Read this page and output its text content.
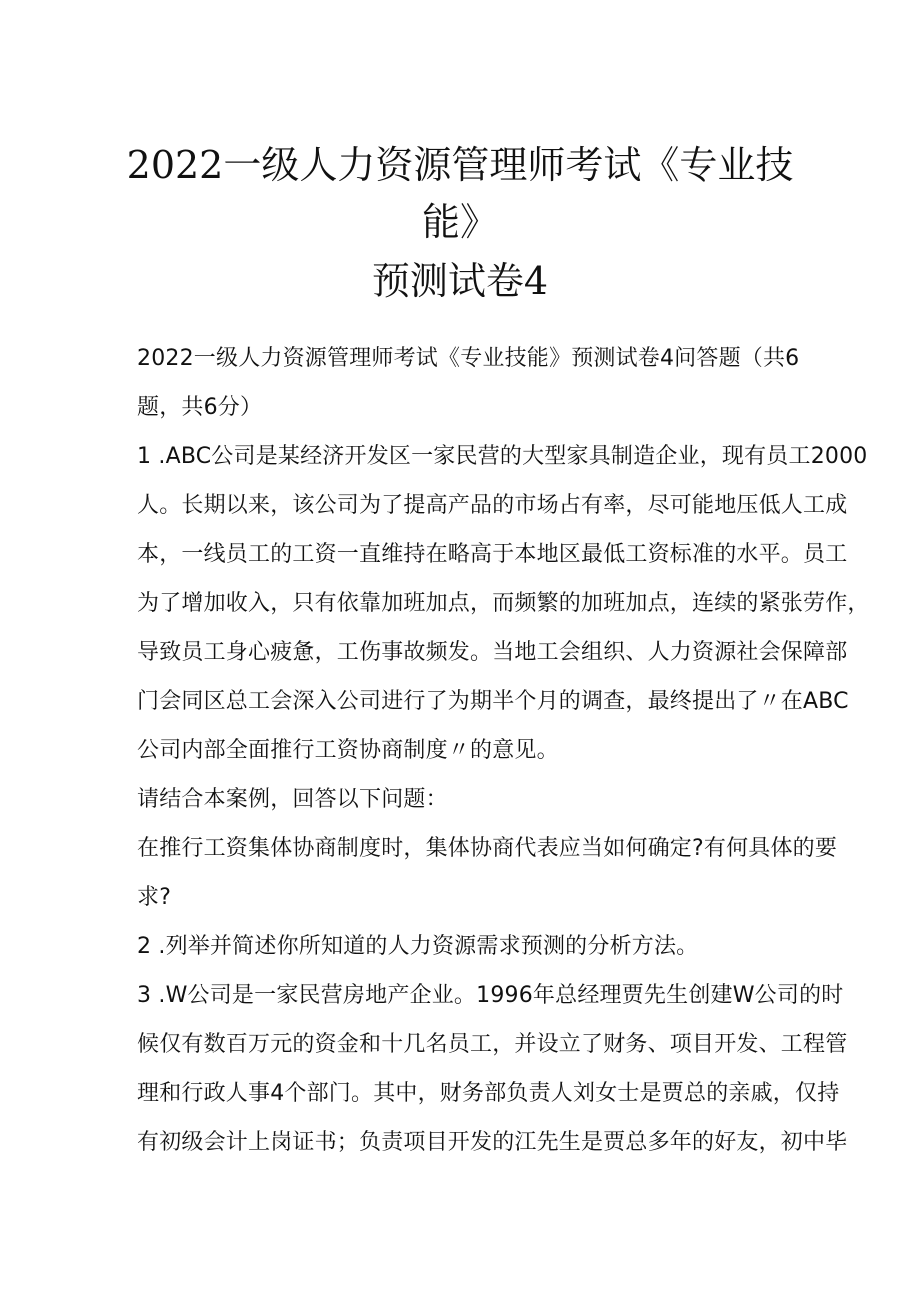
2022一级人力资源管理师考试《专业技
能》
预测试卷4
2022一级人力资源管理师考试《专业技能》预测试卷4问答题（共6
题，共6分）
1 .ABC公司是某经济开发区一家民营的大型家具制造企业，现有员工2000
人。长期以来，该公司为了提高产品的市场占有率，尽可能地压低人工成
本，一线员工的工资一直维持在略高于本地区最低工资标准的水平。员工
为了增加收入，只有依靠加班加点，而频繁的加班加点，连续的紧张劳作，
导致员工身心疲惫，工伤事故频发。当地工会组织、人力资源社会保障部
门会同区总工会深入公司进行了为期半个月的调查，最终提出了〃在ABC
公司内部全面推行工资协商制度〃的意见。
请结合本案例，回答以下问题：
在推行工资集体协商制度时，集体协商代表应当如何确定?有何具体的要
求?
2 .列举并简述你所知道的人力资源需求预测的分析方法。
3 .W公司是一家民营房地产企业。1996年总经理贾先生创建W公司的时
候仅有数百万元的资金和十几名员工，并设立了财务、项目开发、工程管
理和行政人事4个部门。其中，财务部负责人刘女士是贾总的亲戚，仅持
有初级会计上岗证书；负责项目开发的江先生是贾总多年的好友，初中毕
